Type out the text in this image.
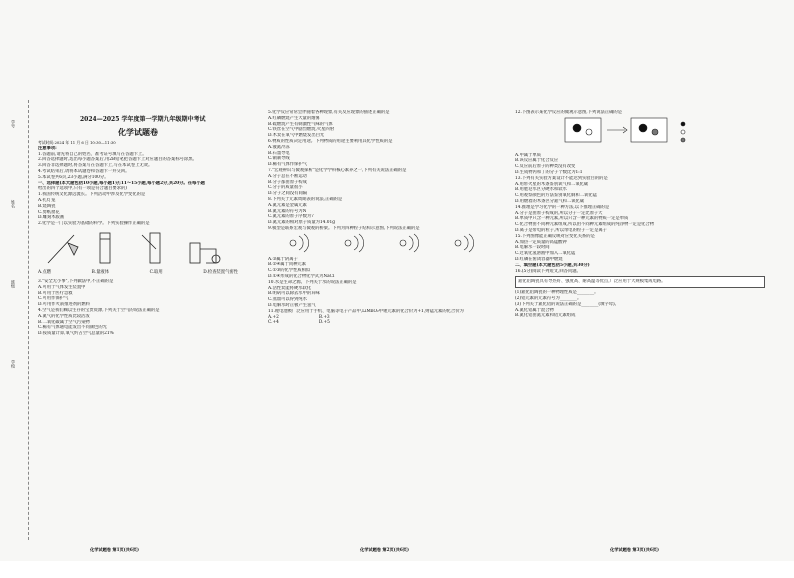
学号
姓名
班级
学校
2024—2025 学年度第一学期九年级期中考试
化学试题卷
考试时间:2024 年 11 月 6 日 10:30—11:30
注意事项:
1.答题前,请先将自己的姓名、准考证号填写在答题卡上。
2.回答选择题时,选出每小题答案后,用2B铅笔把答题卡上对应题目的答案标号涂黑。
3.回答非选择题时,将答案写在答题卡上,写在本试卷上无效。
4.考试结束后,请将本试题卷和答题卡一并交回。
5.本试卷共6页,23小题,满分100分。
一、选择题(本大题包括10小题,每小题1分;11～15小题,每小题2分,共20分。在每小题
给出的四个选项中,只有一项是符合题目要求的)
1.我国传统文化源远流长。下列活动中涉及化学变化的是
A.扎灯笼
B.烧陶瓷
C.剪纸窗花
D.雕刻木版画
2.化学是一门以实验为基础的科学。下列实验操作正确的是
A.点燃	B.量液体	C.取用	D.检查装置气密性
3."安全无小事",下列做法中,不正确的是
A.可用于气体发生装置中
B.可用于医疗急救
C.可用作保护气
D.可用作火箭推进剂的燃料
4.空气是我们赖以生存的宝贵资源,下列关于空气的说法正确的是
A.氮气的化学性质比较活泼
B.二氧化碳属于空气污染物
C.稀有气体通电能发出不同颜色的光
D.按质量计算,氧气约占空气总量的21%
5.化学反应常常会伴随着各种现象,有关反应现象的描述正确的是
A.红磷燃烧产生大量的烟雾
B.硫燃烧产生有刺激性气味的气体
C.铁丝在空气中剧烈燃烧,火星四射
D.木炭在氧气中燃烧发出白光
6.物质的性质决定用途。下列物质的用途主要利用其化学性质的是
A.液氮冷冻
B.石墨导电
C.铜制导线
D.稀有气体作保护气
7."宏观辨识与微观探析"是化学学科核心素养之一,下列有关说法正确的是
A.分子总在不断运动
B.分子都由原子构成
C.分子的质量很小
D.分子之间没有间隔
8.下列关于元素周期表的说法,正确的是
A.氮元素是金属元素
B.氮元素的符号为N
C.氮元素的原子序数为7
D.氮元素的相对原子质量为14.01g
9.模型是联系宏观与微观的桥梁。下列为四种粒子结构示意图,下列说法正确的是
A.③属于阴离子
B.②④属于同种元素
C.①③的化学性质相似
D.①④形成的化合物化学式为NaCl
10.水是生命之源。下列关于水的说法正确的是
A.活性炭能将硬水软化
B.明矾可以除去水中的异味
C.蒸馏可以得到纯水
D.电解水时正极产生氢气
11.锂电池被广泛应用于手机、电脑等电子产品中,LiMnO₂中锂元素的化合价为+1,则锰元素的化合价为
A.+2	B.+3
C.+4	D.+5
12.下图表示某化学反应的微观示意图,下列说法正确的是
A.甲属于单质
B.该反应属于化合反应
C.反应前后原子的种类没有改变
D.生成物丙和丁的分子个数比为1:1
13.下列有关实验方案设计不能达到实验目的的是
A.用带火星的木条鉴别氧气和二氧化碳
B.用肥皂水区分硬水和软水
C.用观察颜色的方法鉴别氧化铜和二氧化锰
D.用燃着的木条区分氮气和二氧化碳
14.推理是学习化学的一种方法,以下推理正确的是
A.分子是由原子构成的,所以分子一定比原子大
B.单质中只含一种元素,所以只含一种元素的物质一定是单质
C.化合物由不同种元素组成,所以由不同种元素组成的纯净物一定是化合物
D.离子是带电的粒子,所以带电的粒子一定是离子
15.下列图像能正确反映对应变化关系的是
A.加热一定质量的高锰酸钾
B.电解水一段时间
C.过氧化氢溶液中加入二氧化锰
D.红磷在密闭容器中燃烧
二、填空题(本大题包括5小题,共30分)
16.(5分)阅读下列短文,回答问题。
氮化铝陶瓷具有导热好、强度高、耐高温等优点,广泛应用于大规模集成电路。
(1)氮化铝陶瓷的一种物理性质是________。
(2)铝元素的元素符号为________。
(3)下列关于氮化铝的说法正确的是________(填字母)。
A.氮化铝属于混合物
B.氮化铝由氮元素和铝元素组成
化学试题卷 第1页(共6页)	化学试题卷 第2页(共6页)	化学试题卷 第3页(共6页)
